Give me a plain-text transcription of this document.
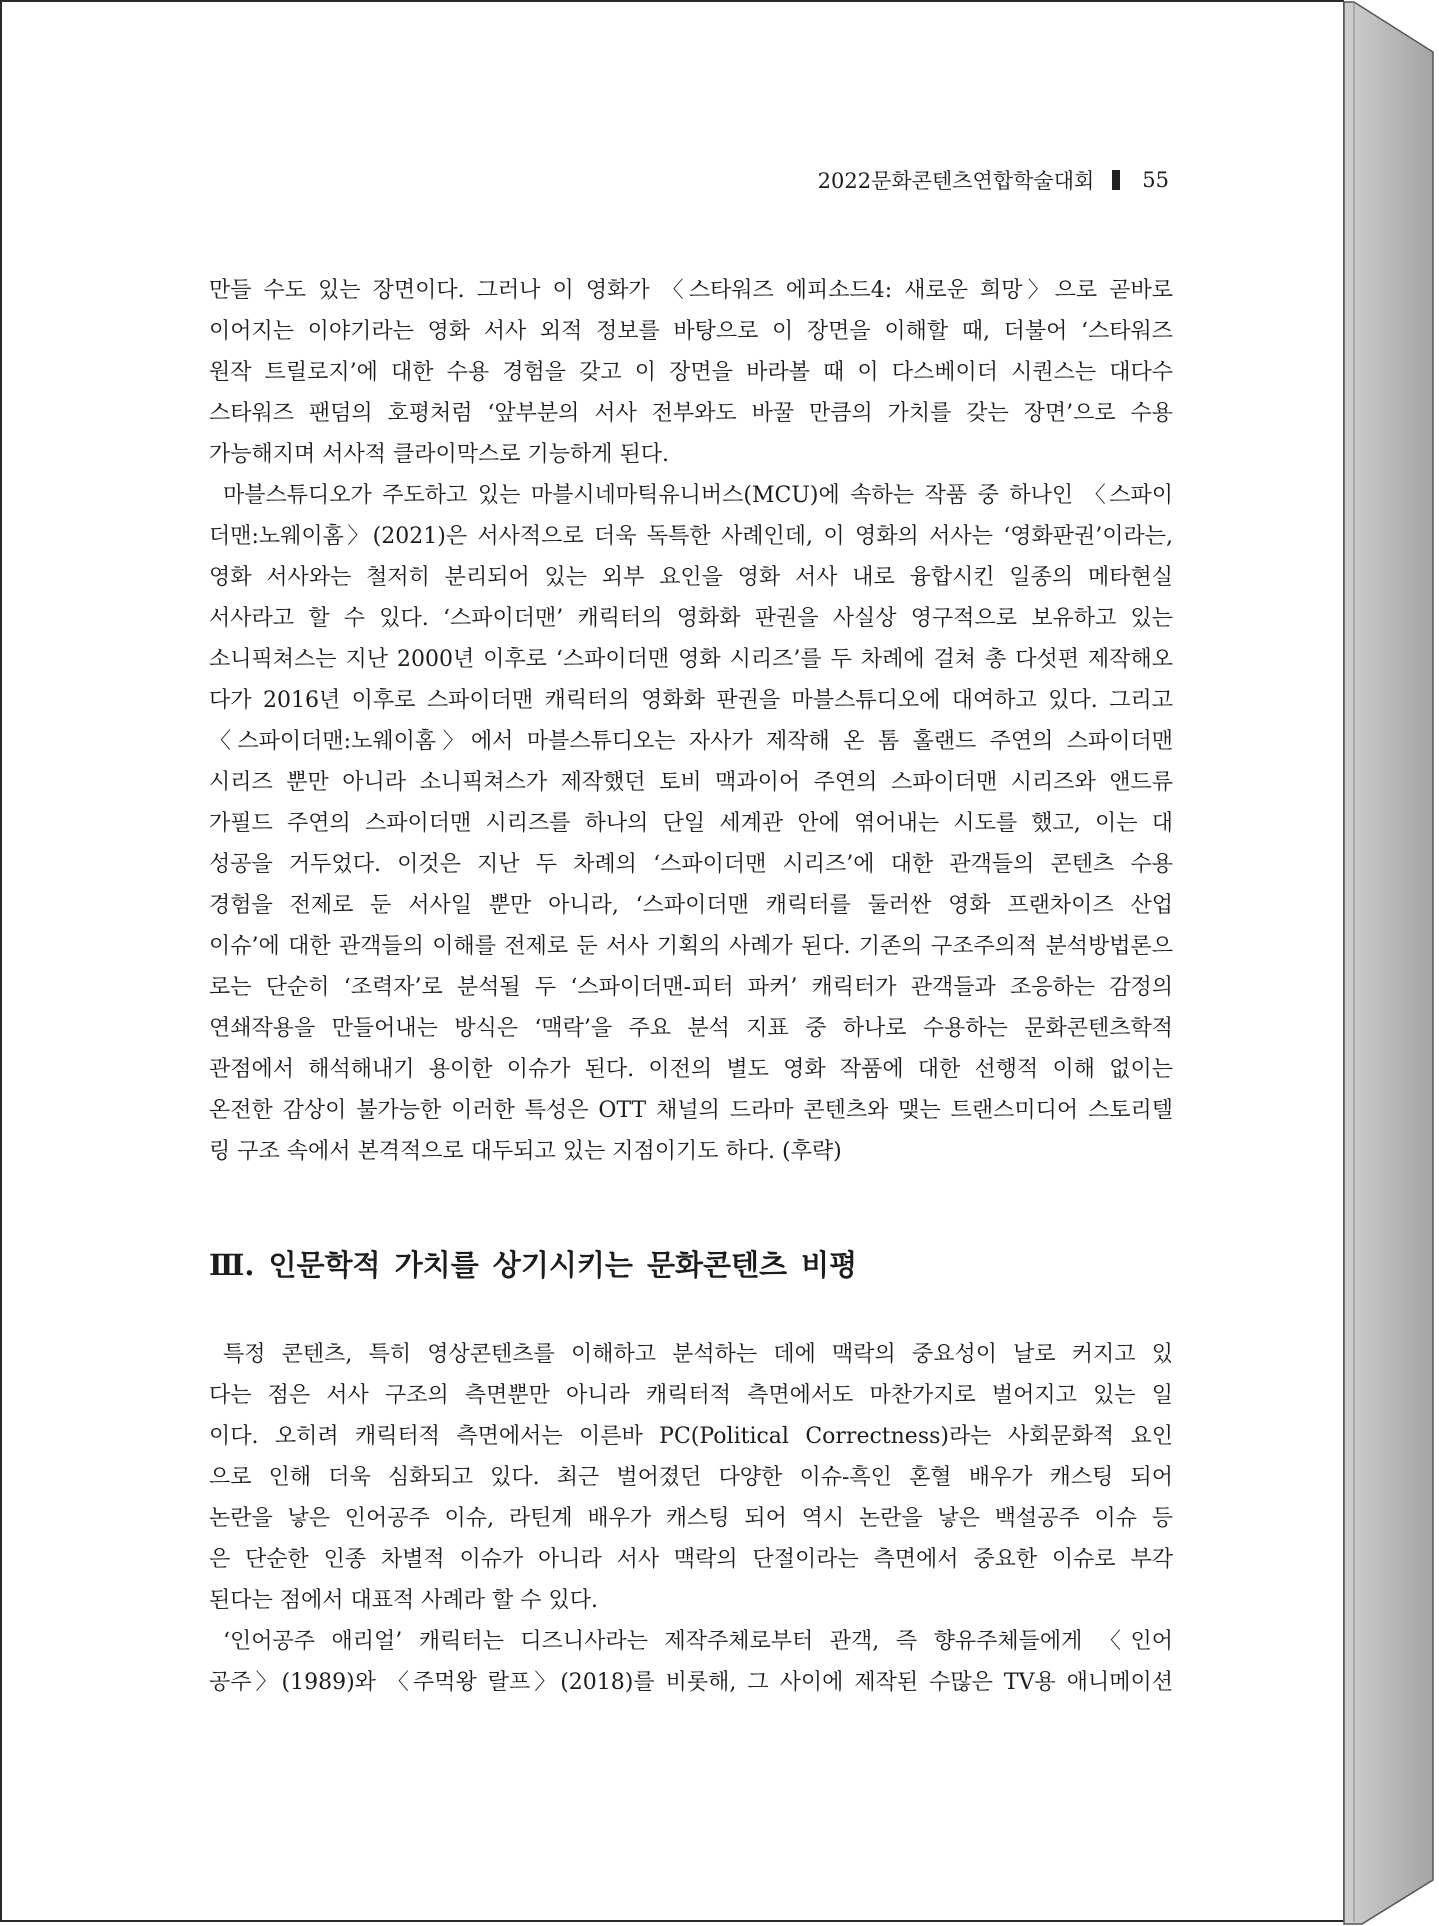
2022문화콘텐츠연합학술대회 55
만들 수도 있는 장면이다. 그러나 이 영화가 〈스타워즈 에피소드4: 새로운 희망〉으로 곧바로
이어지는 이야기라는 영화 서사 외적 정보를 바탕으로 이 장면을 이해할 때, 더불어 ‘스타워즈
원작 트릴로지’에 대한 수용 경험을 갖고 이 장면을 바라볼 때 이 다스베이더 시퀀스는 대다수
스타워즈 팬덤의 호평처럼 ‘앞부분의 서사 전부와도 바꿀 만큼의 가치를 갖는 장면’으로 수용
가능해지며 서사적 클라이막스로 기능하게 된다.
마블스튜디오가 주도하고 있는 마블시네마틱유니버스(MCU)에 속하는 작품 중 하나인 〈스파이
더맨:노웨이홈〉(2021)은 서사적으로 더욱 독특한 사례인데, 이 영화의 서사는 ‘영화판권’이라는,
영화 서사와는 철저히 분리되어 있는 외부 요인을 영화 서사 내로 융합시킨 일종의 메타현실
서사라고 할 수 있다. ‘스파이더맨’ 캐릭터의 영화화 판권을 사실상 영구적으로 보유하고 있는
소니픽쳐스는 지난 2000년 이후로 ‘스파이더맨 영화 시리즈’를 두 차례에 걸쳐 총 다섯편 제작해오
다가 2016년 이후로 스파이더맨 캐릭터의 영화화 판권을 마블스튜디오에 대여하고 있다. 그리고
〈스파이더맨:노웨이홈〉에서 마블스튜디오는 자사가 제작해 온 톰 홀랜드 주연의 스파이더맨
시리즈 뿐만 아니라 소니픽쳐스가 제작했던 토비 맥과이어 주연의 스파이더맨 시리즈와 앤드류
가필드 주연의 스파이더맨 시리즈를 하나의 단일 세계관 안에 엮어내는 시도를 했고, 이는 대
성공을 거두었다. 이것은 지난 두 차례의 ‘스파이더맨 시리즈’에 대한 관객들의 콘텐츠 수용
경험을 전제로 둔 서사일 뿐만 아니라, ‘스파이더맨 캐릭터를 둘러싼 영화 프랜차이즈 산업
이슈’에 대한 관객들의 이해를 전제로 둔 서사 기획의 사례가 된다. 기존의 구조주의적 분석방법론으
로는 단순히 ‘조력자’로 분석될 두 ‘스파이더맨-피터 파커’ 캐릭터가 관객들과 조응하는 감정의
연쇄작용을 만들어내는 방식은 ‘맥락’을 주요 분석 지표 중 하나로 수용하는 문화콘텐츠학적
관점에서 해석해내기 용이한 이슈가 된다. 이전의 별도 영화 작품에 대한 선행적 이해 없이는
온전한 감상이 불가능한 이러한 특성은 OTT 채널의 드라마 콘텐츠와 맺는 트랜스미디어 스토리텔
링 구조 속에서 본격적으로 대두되고 있는 지점이기도 하다. (후략)
Ⅲ. 인문학적 가치를 상기시키는 문화콘텐츠 비평
특정 콘텐츠, 특히 영상콘텐츠를 이해하고 분석하는 데에 맥락의 중요성이 날로 커지고 있
다는 점은 서사 구조의 측면뿐만 아니라 캐릭터적 측면에서도 마찬가지로 벌어지고 있는 일
이다. 오히려 캐릭터적 측면에서는 이른바 PC(Political Correctness)라는 사회문화적 요인
으로 인해 더욱 심화되고 있다. 최근 벌어졌던 다양한 이슈-흑인 혼혈 배우가 캐스팅 되어
논란을 낳은 인어공주 이슈, 라틴계 배우가 캐스팅 되어 역시 논란을 낳은 백설공주 이슈 등
은 단순한 인종 차별적 이슈가 아니라 서사 맥락의 단절이라는 측면에서 중요한 이슈로 부각
된다는 점에서 대표적 사례라 할 수 있다.
‘인어공주 애리얼’ 캐릭터는 디즈니사라는 제작주체로부터 관객, 즉 향유주체들에게 〈인어
공주〉(1989)와 〈주먹왕 랄프〉(2018)를 비롯해, 그 사이에 제작된 수많은 TV용 애니메이션
